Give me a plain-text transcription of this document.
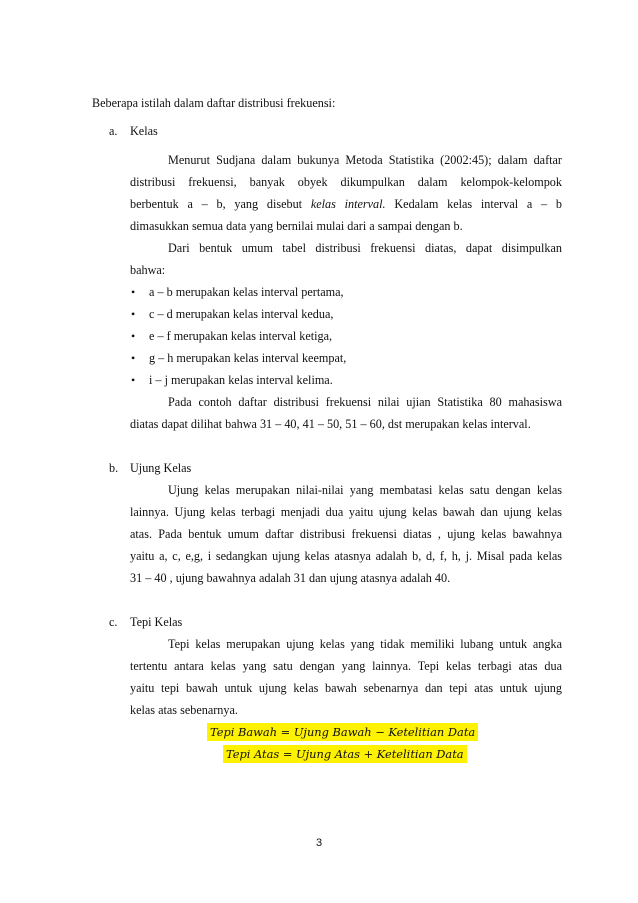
Beberapa istilah dalam daftar distribusi frekuensi:
a. Kelas
Menurut Sudjana dalam bukunya Metoda Statistika (2002:45); dalam daftar
distribusi frekuensi, banyak obyek dikumpulkan dalam kelompok-kelompok
berbentuk a – b, yang disebut kelas interval. Kedalam kelas interval a – b
dimasukkan semua data yang bernilai mulai dari a sampai dengan b.
Dari bentuk umum tabel distribusi frekuensi diatas, dapat disimpulkan
bahwa:
• a – b merupakan kelas interval pertama,
• c – d merupakan kelas interval kedua,
• e – f merupakan kelas interval ketiga,
• g – h merupakan kelas interval keempat,
• i – j merupakan kelas interval kelima.
Pada contoh daftar distribusi frekuensi nilai ujian Statistika 80 mahasiswa
diatas dapat dilihat bahwa 31 – 40, 41 – 50, 51 – 60, dst merupakan kelas interval.
b. Ujung Kelas
Ujung kelas merupakan nilai-nilai yang membatasi kelas satu dengan kelas
lainnya. Ujung kelas terbagi menjadi dua yaitu ujung kelas bawah dan ujung kelas
atas. Pada bentuk umum daftar distribusi frekuensi diatas , ujung kelas bawahnya
yaitu a, c, e,g, i sedangkan ujung kelas atasnya adalah b, d, f, h, j. Misal pada kelas
31 – 40 , ujung bawahnya adalah 31 dan ujung atasnya adalah 40.
c. Tepi Kelas
Tepi kelas merupakan ujung kelas yang tidak memiliki lubang untuk angka
tertentu antara kelas yang satu dengan yang lainnya. Tepi kelas terbagi atas dua
yaitu tepi bawah untuk ujung kelas bawah sebenarnya dan tepi atas untuk ujung
kelas atas sebenarnya.
Tepi Bawah = Ujung Bawah − Ketelitian Data
Tepi Atas = Ujung Atas + Ketelitian Data
3
